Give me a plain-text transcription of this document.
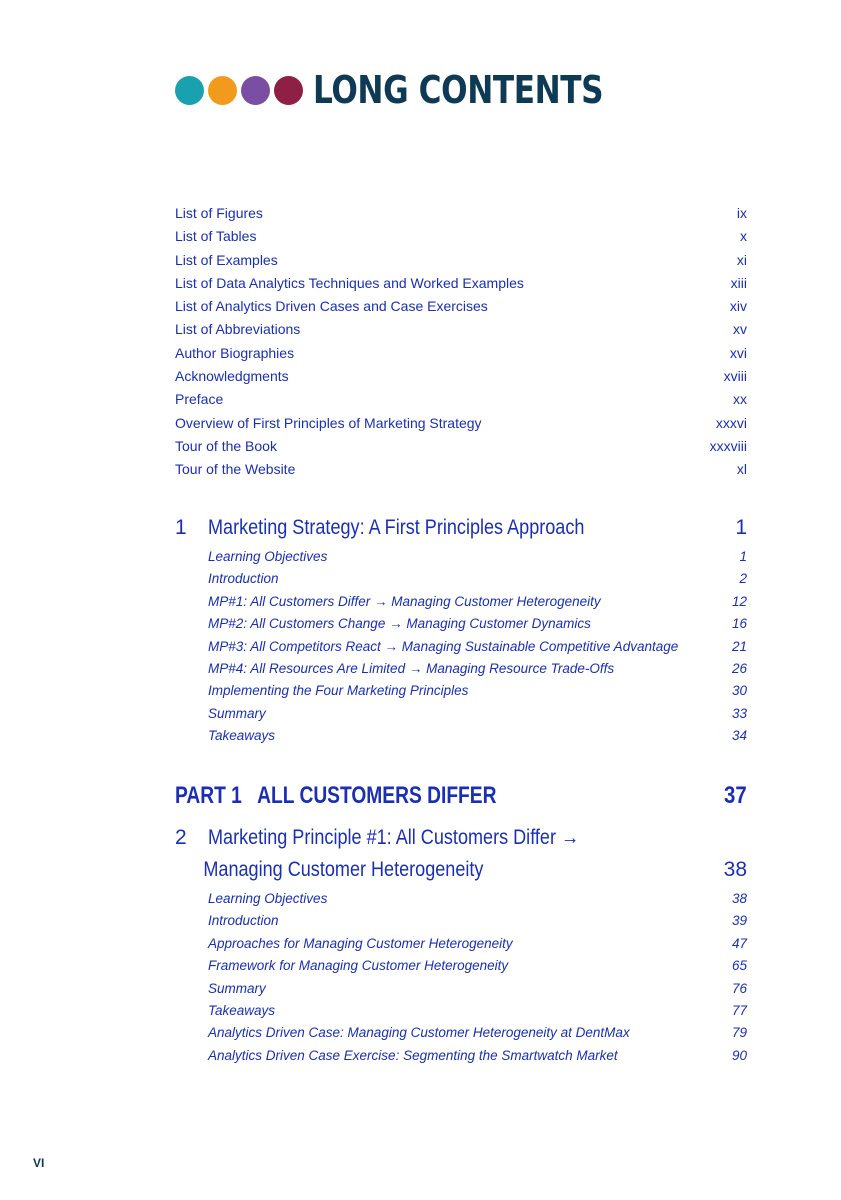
LONG CONTENTS
List of Figures	ix
List of Tables	x
List of Examples	xi
List of Data Analytics Techniques and Worked Examples	xiii
List of Analytics Driven Cases and Case Exercises	xiv
List of Abbreviations	xv
Author Biographies	xvi
Acknowledgments	xviii
Preface	xx
Overview of First Principles of Marketing Strategy	xxxvi
Tour of the Book	xxxviii
Tour of the Website	xl
1	Marketing Strategy: A First Principles Approach	1
Learning Objectives	1
Introduction	2
MP#1: All Customers Differ → Managing Customer Heterogeneity	12
MP#2: All Customers Change → Managing Customer Dynamics	16
MP#3: All Competitors React → Managing Sustainable Competitive Advantage	21
MP#4: All Resources Are Limited → Managing Resource Trade-Offs	26
Implementing the Four Marketing Principles	30
Summary	33
Takeaways	34
PART 1   ALL CUSTOMERS DIFFER	37
2	Marketing Principle #1: All Customers Differ →
Managing Customer Heterogeneity	38
Learning Objectives	38
Introduction	39
Approaches for Managing Customer Heterogeneity	47
Framework for Managing Customer Heterogeneity	65
Summary	76
Takeaways	77
Analytics Driven Case: Managing Customer Heterogeneity at DentMax	79
Analytics Driven Case Exercise: Segmenting the Smartwatch Market	90
VI
